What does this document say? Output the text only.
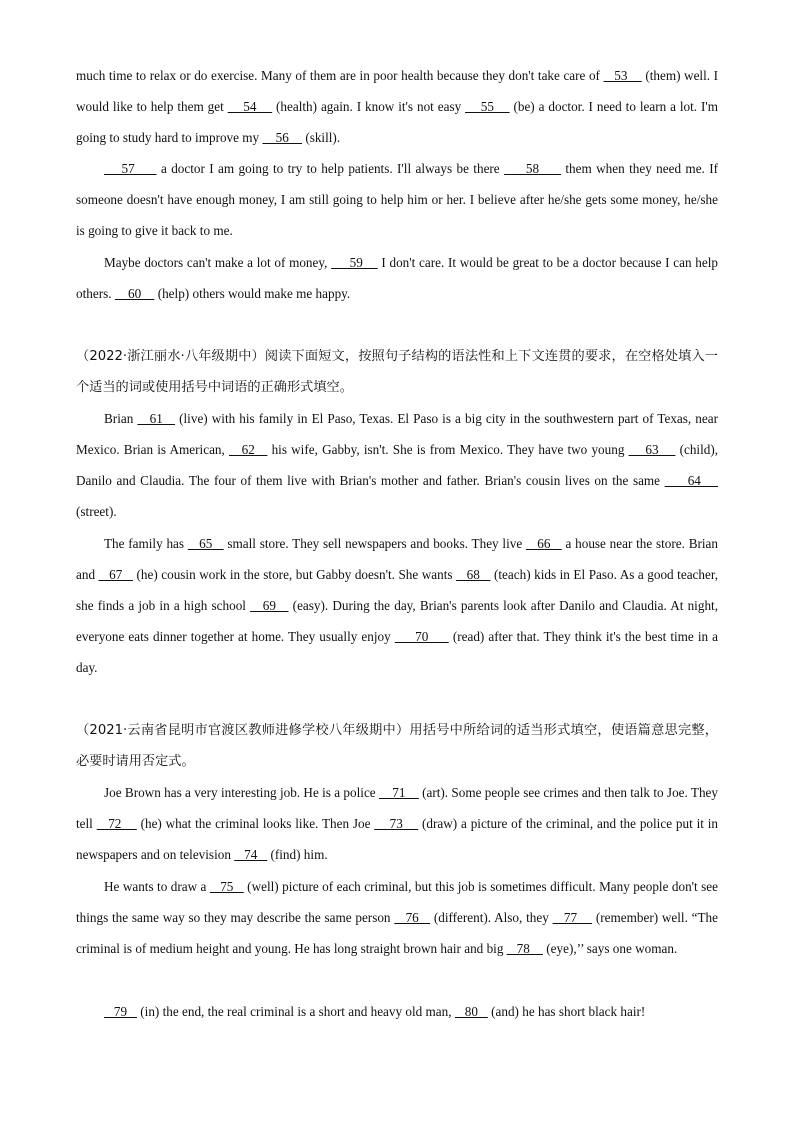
much time to relax or do exercise. Many of them are in poor health because they don't take care of    53     (them) well. I would like to help them get     54     (health) again. I know it's not easy     55     (be) a doctor. I need to learn a lot. I'm going to study hard to improve my     56     (skill).

57      a doctor I am going to try to help patients. I'll always be there      58      them when they need me. If someone doesn't have enough money, I am still going to help him or her. I believe after he/she gets some money, he/she is going to give it back to me.

Maybe doctors can't make a lot of money,      59     I don't care. It would be great to be a doctor because I can help others.     60     (help) others would make me happy.

（2022·浙江丽水·八年级期中）阅读下面短文，按照句子结构的语法性和上下文连贯的要求，在空格处填入一个适当的词或使用括号中词语的正确形式填空。

Brian    61    (live) with his family in El Paso, Texas. El Paso is a big city in the southwestern part of Texas, near Mexico. Brian is American,    62    his wife, Gabby, isn't. She is from Mexico. They have two young     63     (child), Danilo and Claudia. The four of them live with Brian's mother and father. Brian's cousin lives on the same      64     (street).

The family has    65    small store. They sell newspapers and books. They live    66    a house near the store. Brian and    67    (he) cousin work in the store, but Gabby doesn't. She wants    68    (teach) kids in El Paso. As a good teacher, she finds a job in a high school    69    (easy). During the day, Brian's parents look after Danilo and Claudia. At night, everyone eats dinner together at home. They usually enjoy      70      (read) after that. They think it's the best time in a day.

（2021·云南省昆明市官渡区教师进修学校八年级期中）用括号中所给词的适当形式填空，使语篇意思完整，必要时请用否定式。

Joe Brown has a very interesting job. He is a police     71     (art). Some people see crimes and then talk to Joe. They tell    72     (he) what the criminal looks like. Then Joe     73     (draw) a picture of the criminal, and the police put it in newspapers and on television    74    (find) him.

He wants to draw a    75    (well) picture of each criminal, but this job is sometimes difficult. Many people don't see things the same way so they may describe the same person    76    (different). Also, they    77     (remember) well. “The criminal is of medium height and young. He has long straight brown hair and big    78     (eye),’’ says one woman.

79    (in) the end, the real criminal is a short and heavy old man,    80    (and) he has short black hair!
